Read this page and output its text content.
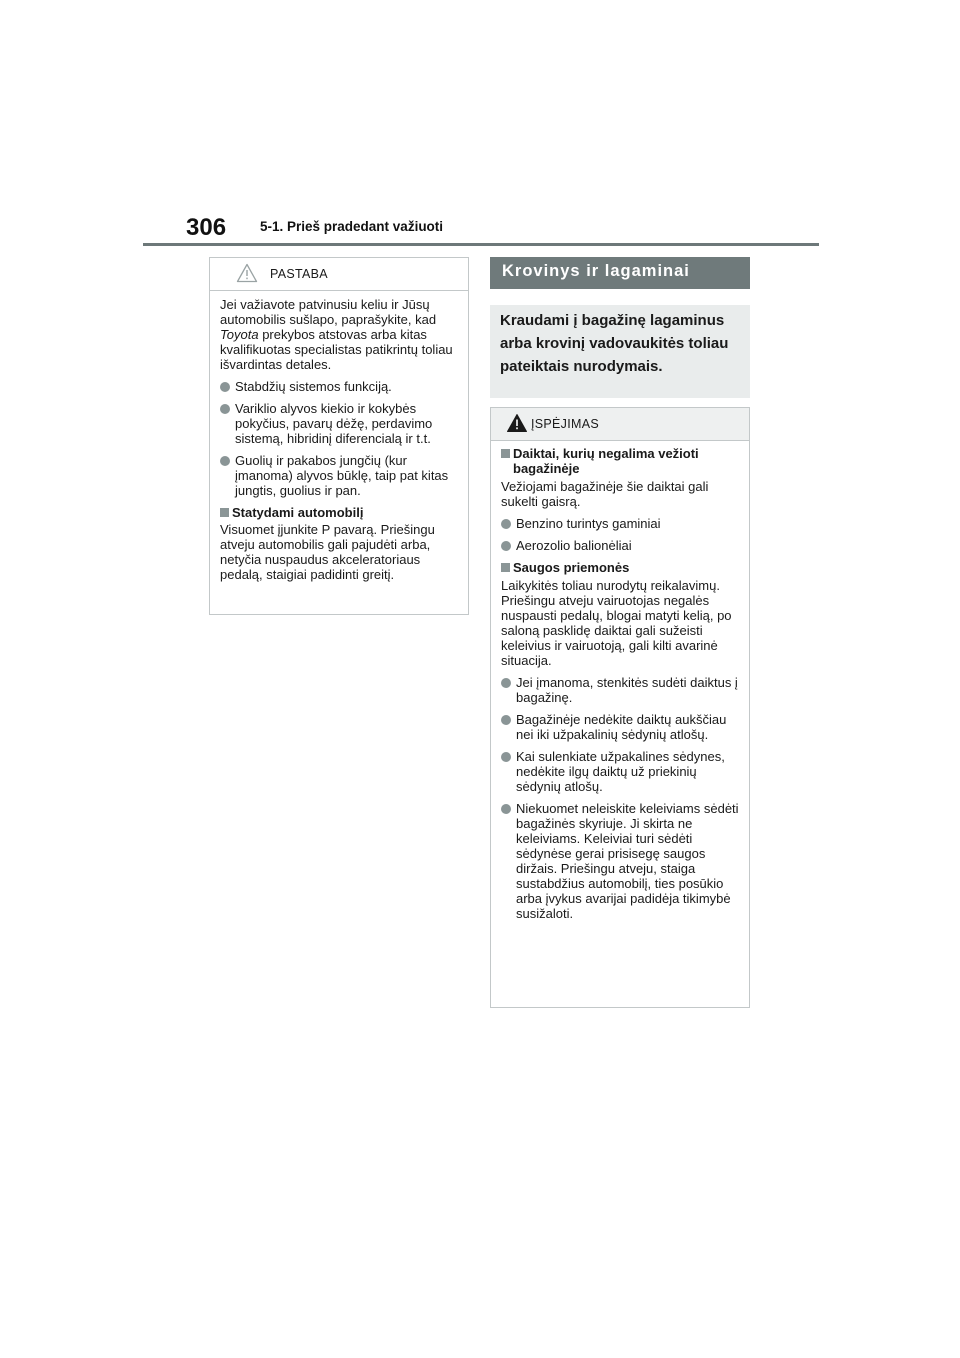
306	5-1. Prieš pradedant važiuoti
PASTABA

Jei važiavote patvinusiu keliu ir Jūsų automobilis sušlapo, paprašykite, kad Toyota prekybos atstovas arba kitas kvalifikuotas specialistas patikrintų toliau išvardintas detales.

Stabdžių sistemos funkciją.
Variklio alyvos kiekio ir kokybės pokyčius, pavarų dėžę, perdavimo sistemą, hibridinį diferencialą ir t.t.
Guolių ir pakabos jungčių (kur įmanoma) alyvos būklę, taip pat kitas jungtis, guolius ir pan.
Statydami automobilį

Visuomet įjunkite P pavarą. Priešingu atveju automobilis gali pajudėti arba, netyčia nuspaudus akceleratoriaus pedalą, staigiai padidinti greitį.

Krovinys ir lagaminai
Kraudami į bagažinę lagaminus arba krovinį vadovaukitės toliau pateiktais nurodymais.
ĮSPĖJIMAS
Daiktai, kurių negalima vežioti bagažinėje

Vežiojami bagažinėje šie daiktai gali sukelti gaisrą.

Benzino turintys gaminiai
Aerozolio balionėliai
Saugos priemonės

Laikykitės toliau nurodytų reikalavimų.

Priešingu atveju vairuotojas negalės nuspausti pedalų, blogai matyti kelią, po saloną pasklidę daiktai gali sužeisti keleivius ir vairuotoją, gali kilti avarinė situacija.

Jei įmanoma, stenkitės sudėti daiktus į bagažinę.
Bagažinėje nedėkite daiktų aukščiau nei iki užpakalinių sėdynių atlošų.
Kai sulenkiate užpakalines sėdynes, nedėkite ilgų daiktų už priekinių sėdynių atlošų.
Niekuomet neleiskite keleiviams sėdėti bagažinės skyriuje. Ji skirta ne keleiviams. Keleiviai turi sėdėti sėdynėse gerai prisisegę saugos diržais. Priešingu atveju, staiga sustabdžius automobilį, ties posūkio arba įvykus avarijai padidėja tikimybė susižaloti.
